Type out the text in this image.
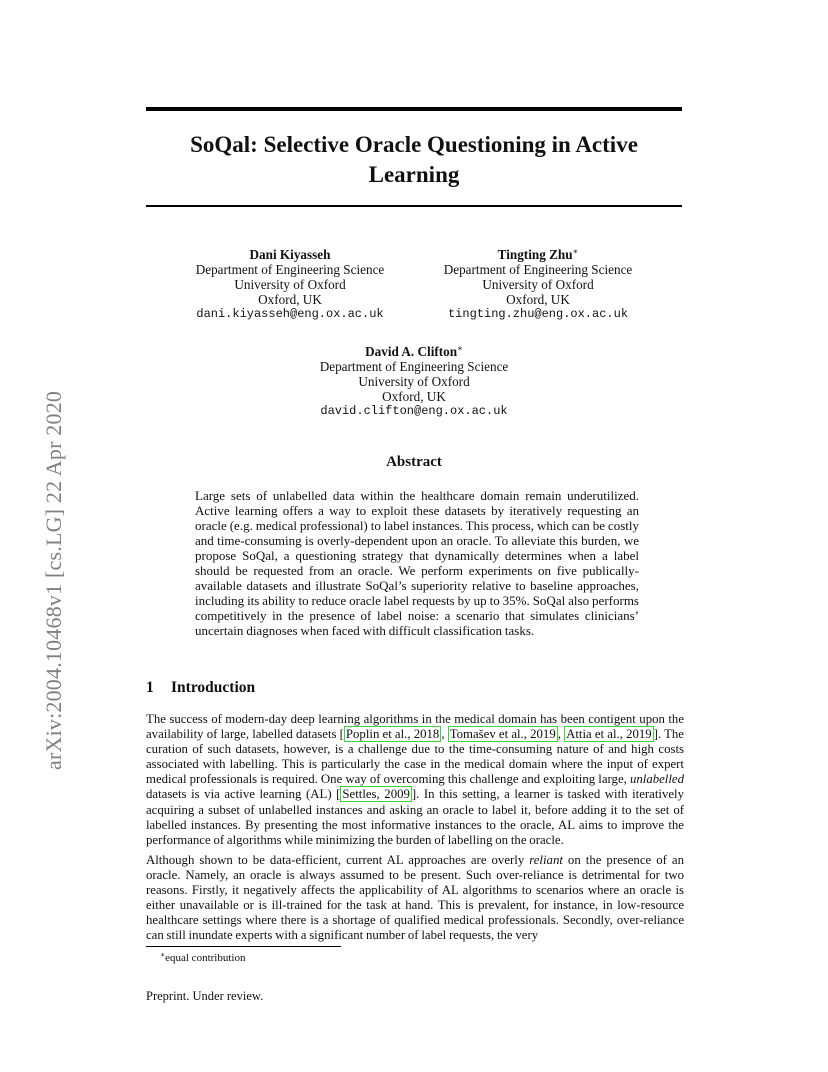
arXiv:2004.10468v1 [cs.LG] 22 Apr 2020
SoQal: Selective Oracle Questioning in Active Learning
Dani Kiyasseh
Department of Engineering Science
University of Oxford
Oxford, UK
dani.kiyasseh@eng.ox.ac.uk
Tingting Zhu∗
Department of Engineering Science
University of Oxford
Oxford, UK
tingting.zhu@eng.ox.ac.uk
David A. Clifton∗
Department of Engineering Science
University of Oxford
Oxford, UK
david.clifton@eng.ox.ac.uk
Abstract

Large sets of unlabelled data within the healthcare domain remain underutilized. Active learning offers a way to exploit these datasets by iteratively requesting an oracle (e.g. medical professional) to label instances. This process, which can be costly and time-consuming is overly-dependent upon an oracle. To alleviate this burden, we propose SoQal, a questioning strategy that dynamically determines when a label should be requested from an oracle. We perform experiments on five publically-available datasets and illustrate SoQal’s superiority relative to baseline approaches, including its ability to reduce oracle label requests by up to 35%. SoQal also performs competitively in the presence of label noise: a scenario that simulates clinicians’ uncertain diagnoses when faced with difficult classification tasks.

1 Introduction

The success of modern-day deep learning algorithms in the medical domain has been contigent upon the availability of large, labelled datasets [ Poplin et al., 2018 , Tomašev et al., 2019 , Attia et al., 2019 ]. The curation of such datasets, however, is a challenge due to the time-consuming nature of and high costs associated with labelling. This is particularly the case in the medical domain where the input of expert medical professionals is required. One way of overcoming this challenge and exploiting large, unlabelled datasets is via active learning (AL) [ Settles, 2009 ]. In this setting, a learner is tasked with iteratively acquiring a subset of unlabelled instances and asking an oracle to label it, before adding it to the set of labelled instances. By presenting the most informative instances to the oracle, AL aims to improve the performance of algorithms while minimizing the burden of labelling on the oracle.

Although shown to be data-efficient, current AL approaches are overly reliant on the presence of an oracle. Namely, an oracle is always assumed to be present. Such over-reliance is detrimental for two reasons. Firstly, it negatively affects the applicability of AL algorithms to scenarios where an oracle is either unavailable or is ill-trained for the task at hand. This is prevalent, for instance, in low-resource healthcare settings where there is a shortage of qualified medical professionals. Secondly, over-reliance can still inundate experts with a significant number of label requests, the very

∗equal contribution

Preprint. Under review.
